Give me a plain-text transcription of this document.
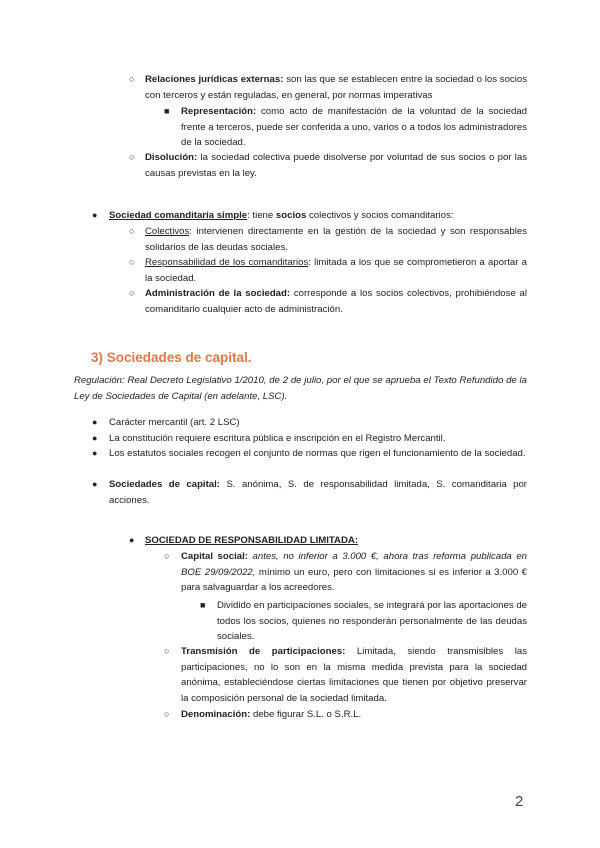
○ Relaciones jurídicas externas: son las que se establecen entre la sociedad o los socios con terceros y están reguladas, en general, por normas imperativas
■ Representación: como acto de manifestación de la voluntad de la sociedad frente a terceros, puede ser conferida a uno, varios o a todos los administradores de la sociedad.
○ Disolución: la sociedad colectiva puede disolverse por voluntad de sus socios o por las causas previstas en la ley.
● Sociedad comanditaria simple: tiene socios colectivos y socios comanditarios:
○ Colectivos: intervienen directamente en la gestión de la sociedad y son responsables solidarios de las deudas sociales.
○ Responsabilidad de los comanditarios: limitada a los que se comprometieron a aportar a la sociedad.
○ Administración de la sociedad: corresponde a los socios colectivos, prohibiéndose al comanditario cualquier acto de administración.
3) Sociedades de capital.
Regulación: Real Decreto Legislativo 1/2010, de 2 de julio, por el que se aprueba el Texto Refundido de la Ley de Sociedades de Capital (en adelante, LSC).
● Carácter mercantil (art. 2 LSC)
● La constitución requiere escritura pública e inscripción en el Registro Mercantil.
● Los estatutos sociales recogen el conjunto de normas que rigen el funcionamiento de la sociedad.
● Sociedades de capital: S. anónima, S. de responsabilidad limitada, S. comanditaria por acciones.
● SOCIEDAD DE RESPONSABILIDAD LIMITADA:
○ Capital social: antes, no inferior a 3.000 €, ahora tras reforma publicada en BOE 29/09/2022, mínimo un euro, pero con limitaciones si es inferior a 3.000 € para salvaguardar a los acreedores.
■ Dividido en participaciones sociales, se integrará por las aportaciones de todos los socios, quienes no responderán personalmente de las deudas sociales.
○ Transmisión de participaciones: Limitada, siendo transmisibles las participaciones, no lo son en la misma medida prevista para la sociedad anónima, estableciéndose ciertas limitaciones que tienen por objetivo preservar la composición personal de la sociedad limitada.
○ Denominación: debe figurar S.L. o S.R.L.
2
